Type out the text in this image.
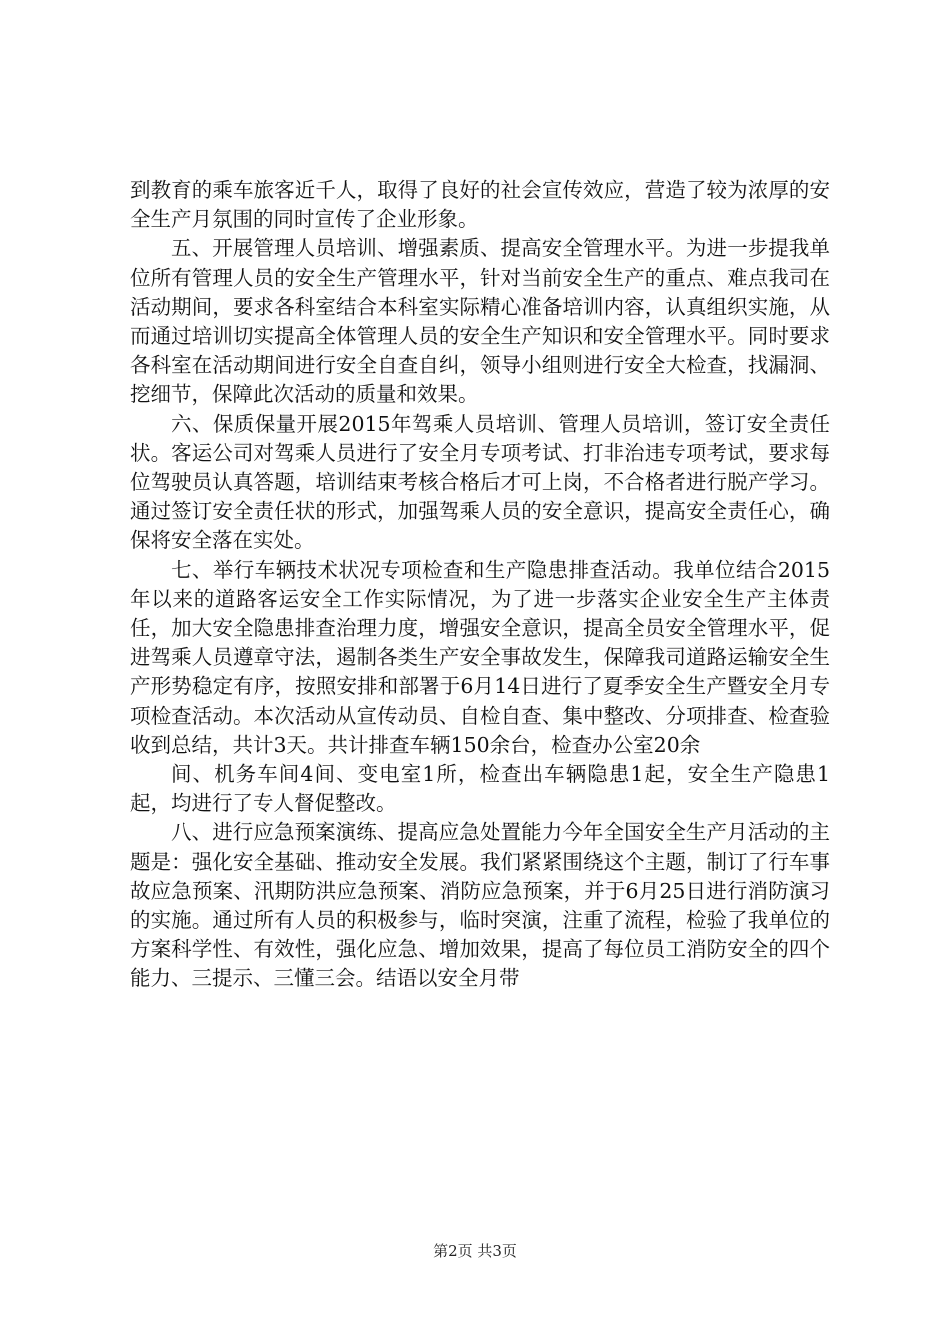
到教育的乘车旅客近千人，取得了良好的社会宣传效应，营造了较为浓厚的安全生产月氛围的同时宣传了企业形象。

五、开展管理人员培训、增强素质、提高安全管理水平。为进一步提我单位所有管理人员的安全生产管理水平，针对当前安全生产的重点、难点我司在活动期间，要求各科室结合本科室实际精心准备培训内容，认真组织实施，从而通过培训切实提高全体管理人员的安全生产知识和安全管理水平。同时要求各科室在活动期间进行安全自查自纠，领导小组则进行安全大检查，找漏洞、挖细节，保障此次活动的质量和效果。

六、保质保量开展2015年驾乘人员培训、管理人员培训，签订安全责任状。客运公司对驾乘人员进行了安全月专项考试、打非治违专项考试，要求每位驾驶员认真答题，培训结束考核合格后才可上岗，不合格者进行脱产学习。通过签订安全责任状的形式，加强驾乘人员的安全意识，提高安全责任心，确保将安全落在实处。

七、举行车辆技术状况专项检查和生产隐患排查活动。我单位结合2015年以来的道路客运安全工作实际情况，为了进一步落实企业安全生产主体责任，加大安全隐患排查治理力度，增强安全意识，提高全员安全管理水平，促进驾乘人员遵章守法，遏制各类生产安全事故发生，保障我司道路运输安全生产形势稳定有序，按照安排和部署于6月14日进行了夏季安全生产暨安全月专项检查活动。本次活动从宣传动员、自检自查、集中整改、分项排查、检查验收到总结，共计3天。共计排查车辆150余台，检查办公室20余

间、机务车间4间、变电室1所，检查出车辆隐患1起，安全生产隐患1起，均进行了专人督促整改。

八、进行应急预案演练、提高应急处置能力今年全国安全生产月活动的主题是：强化安全基础、推动安全发展。我们紧紧围绕这个主题，制订了行车事故应急预案、汛期防洪应急预案、消防应急预案，并于6月25日进行消防演习的实施。通过所有人员的积极参与，临时突演，注重了流程，检验了我单位的方案科学性、有效性，强化应急、增加效果，提高了每位员工消防安全的四个能力、三提示、三懂三会。结语以安全月带

第2页 共3页
